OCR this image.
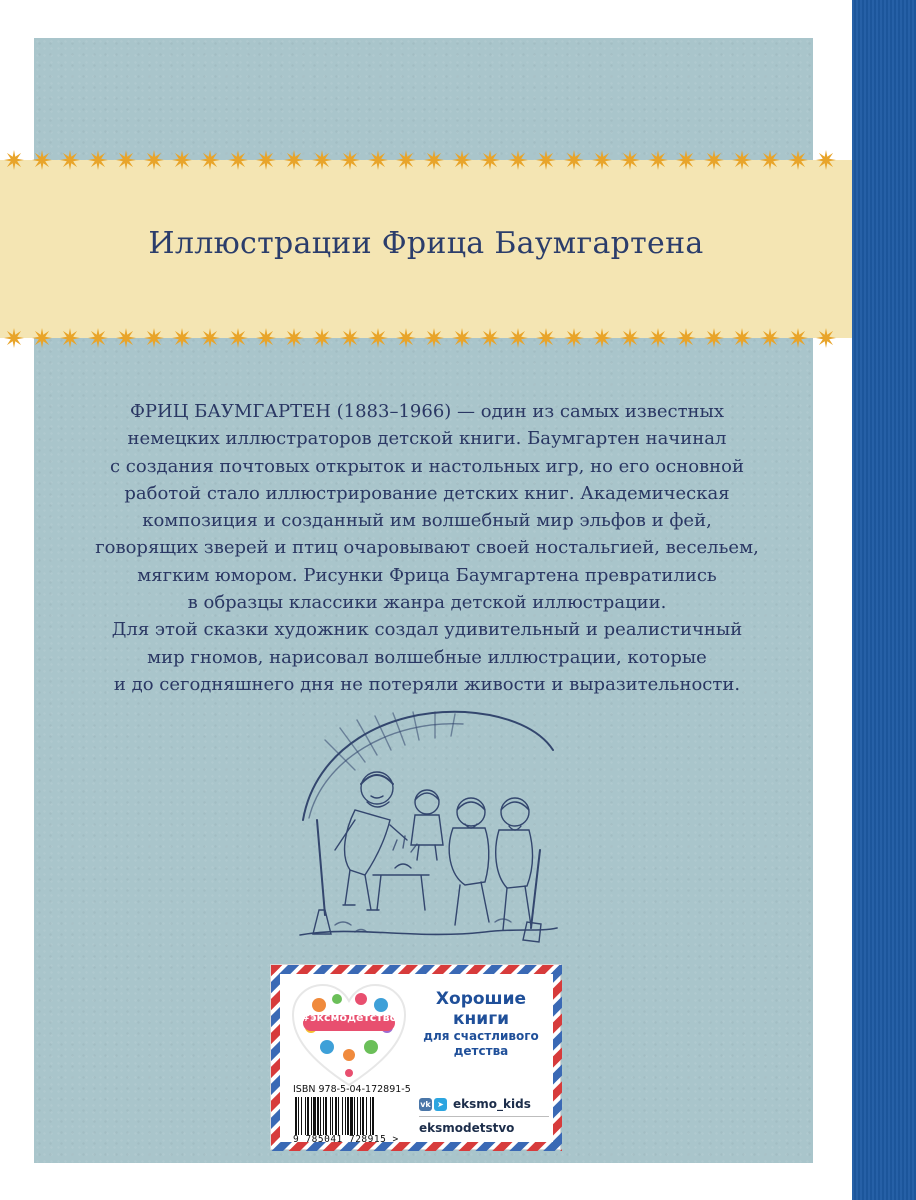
Иллюстрации Фрица Баумгартена

ФРИЦ БАУМГАРТЕН (1883–1966) — один из самых известных

немецких иллюстраторов детской книги. Баумгартен начинал

с создания почтовых открыток и настольных игр, но его основной

работой стало иллюстрирование детских книг. Академическая

композиция и созданный им волшебный мир эльфов и фей,

говорящих зверей и птиц очаровывают своей ностальгией, весельем,

мягким юмором. Рисунки Фрица Баумгартена превратились

в образцы классики жанра детской иллюстрации.

Для этой сказки художник создал удивительный и реалистичный

мир гномов, нарисовал волшебные иллюстрации, которые

и до сегодняшнего дня не потеряли живости и выразительности.

#эксмодетство
Хорошие
книги
для счастливого
детства
ISBN 978-5-04-172891-5
9 785041 728915 >
vk ➤ eksmo_kids
eksmodetstvo
